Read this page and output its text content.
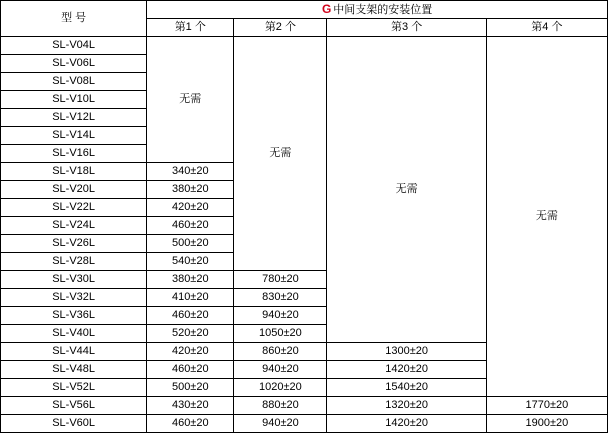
型 号	G 中间支架的安装位置			
	第1 个	第2 个	第3 个	第4 个
SL-V04L	无需	无需	无需	无需
SL-V06L				
SL-V08L				
SL-V10L				
SL-V12L				
SL-V14L				
SL-V16L				
SL-V18L	340±20			
SL-V20L	380±20			
SL-V22L	420±20			
SL-V24L	460±20			
SL-V26L	500±20			
SL-V28L	540±20			
SL-V30L	380±20	780±20		
SL-V32L	410±20	830±20		
SL-V36L	460±20	940±20		
SL-V40L	520±20	1050±20		
SL-V44L	420±20	860±20	1300±20	
SL-V48L	460±20	940±20	1420±20	
SL-V52L	500±20	1020±20	1540±20	
SL-V56L	430±20	880±20	1320±20	1770±20
SL-V60L	460±20	940±20	1420±20	1900±20
